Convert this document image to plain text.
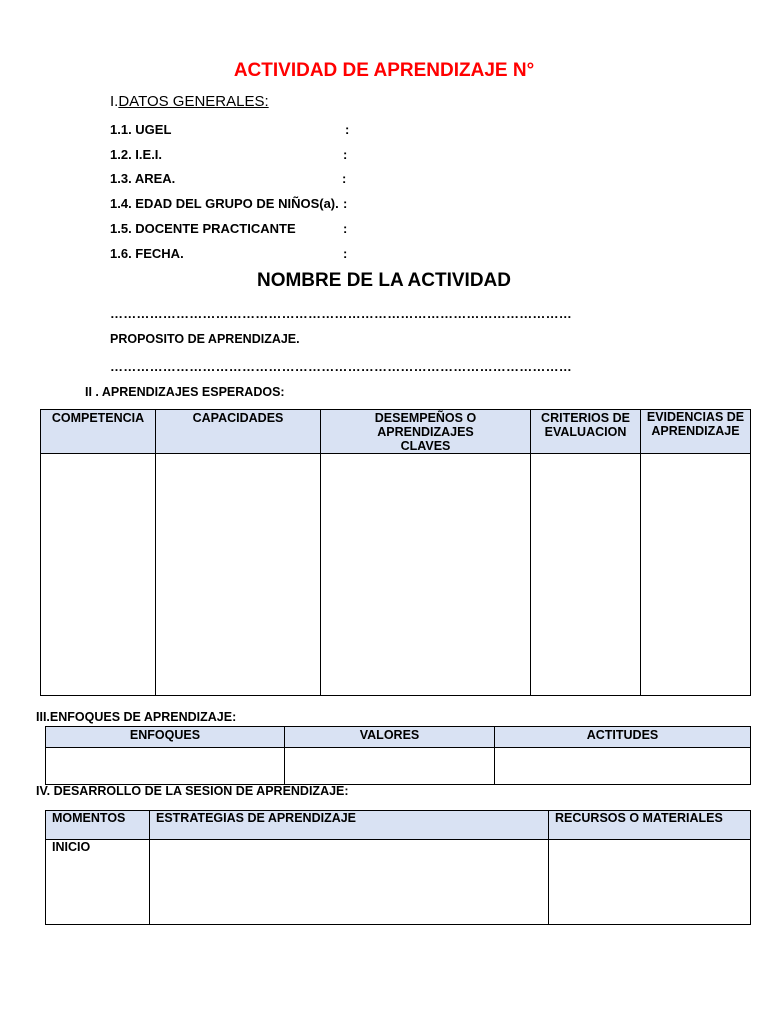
ACTIVIDAD DE APRENDIZAJE N°
I.DATOS GENERALES:
1.1. UGEL	:
1.2. I.E.I.	:
1.3. AREA.	:
1.4. EDAD DEL GRUPO DE NIÑOS(a). :
1.5. DOCENTE PRACTICANTE	:
1.6. FECHA.	:
NOMBRE DE LA ACTIVIDAD
……………………………………………………………………………………………
PROPOSITO DE APRENDIZAJE.
……………………………………………………………………………………………
II . APRENDIZAJES ESPERADOS:
COMPETENCIA	CAPACIDADES	DESEMPEÑOS O APRENDIZAJES CLAVES	CRITERIOS DE EVALUACION	EVIDENCIAS DE APRENDIZAJE

III.ENFOQUES DE APRENDIZAJE:
ENFOQUES	VALORES	ACTITUDES

IV. DESARROLLO DE LA SESION DE APRENDIZAJE:
MOMENTOS	ESTRATEGIAS DE APRENDIZAJE	RECURSOS O MATERIALES
INICIO		
